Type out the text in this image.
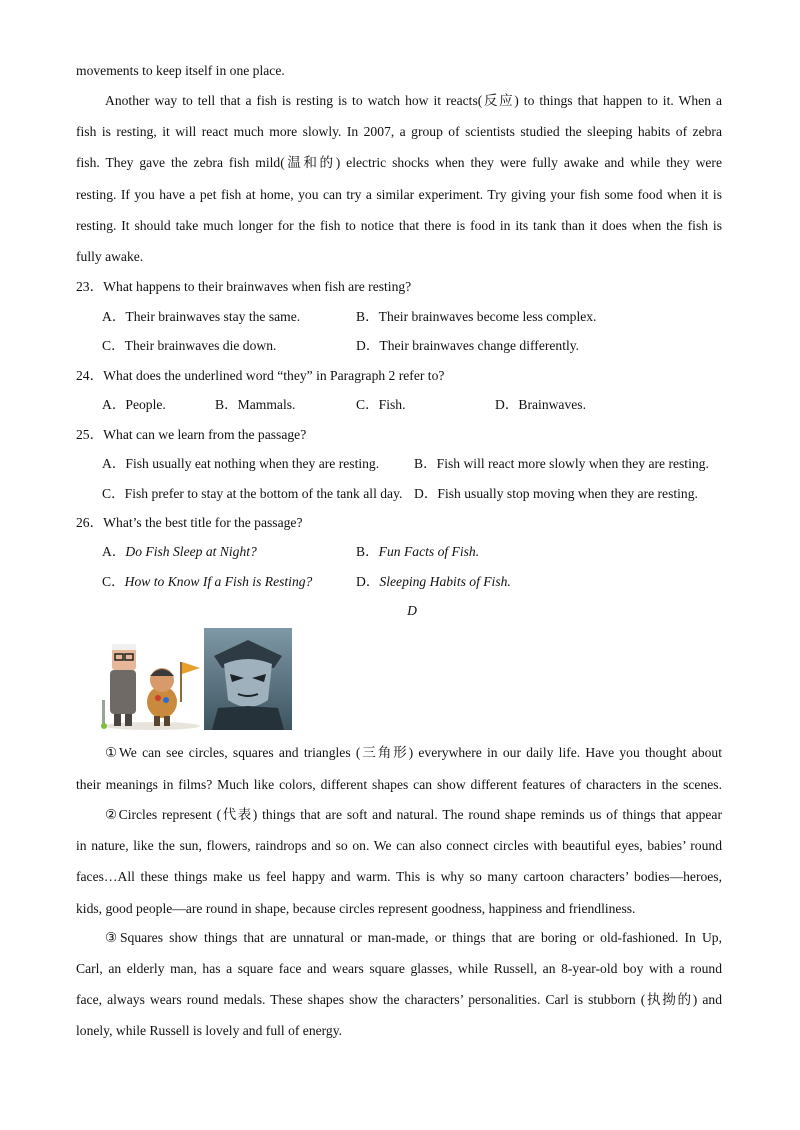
movements to keep itself in one place.
Another way to tell that a fish is resting is to watch how it reacts(反应) to things that happen to it. When a
fish is resting, it will react much more slowly. In 2007, a group of scientists studied the sleeping habits of zebra
fish. They gave the zebra fish mild(温和的) electric shocks when they were fully awake and while they were
resting. If you have a pet fish at home, you can try a similar experiment. Try giving your fish some food when it is
resting. It should take much longer for the fish to notice that there is food in its tank than it does when the fish is
fully awake.
23．What happens to their brainwaves when fish are resting?
A．Their brainwaves stay the same.	B．Their brainwaves become less complex.
C．Their brainwaves die down.	D．Their brainwaves change differently.
24．What does the underlined word “they” in Paragraph 2 refer to?
A．People.	B．Mammals.	C．Fish.	D．Brainwaves.
25．What can we learn from the passage?
A．Fish usually eat nothing when they are resting.	B．Fish will react more slowly when they are resting.
C．Fish prefer to stay at the bottom of the tank all day. D．Fish usually stop moving when they are resting.
26．What’s the best title for the passage?
A．Do Fish Sleep at Night?	B．Fun Facts of Fish.
C．How to Know If a Fish is Resting?	D．Sleeping Habits of Fish.
D
①We can see circles, squares and triangles (三角形) everywhere in our daily life. Have you thought about
their meanings in films? Much like colors, different shapes can show different features of characters in the scenes.
②Circles represent (代表) things that are soft and natural. The round shape reminds us of things that appear
in nature, like the sun, flowers, raindrops and so on. We can also connect circles with beautiful eyes, babies’ round
faces…All these things make us feel happy and warm. This is why so many cartoon characters’ bodies—heroes,
kids, good people—are round in shape, because circles represent goodness, happiness and friendliness.
③Squares show things that are unnatural or man-made, or things that are boring or old-fashioned. In Up,
Carl, an elderly man, has a square face and wears square glasses, while Russell, an 8-year-old boy with a round
face, always wears round medals. These shapes show the characters’ personalities. Carl is stubborn (执拗的) and
lonely, while Russell is lovely and full of energy.
